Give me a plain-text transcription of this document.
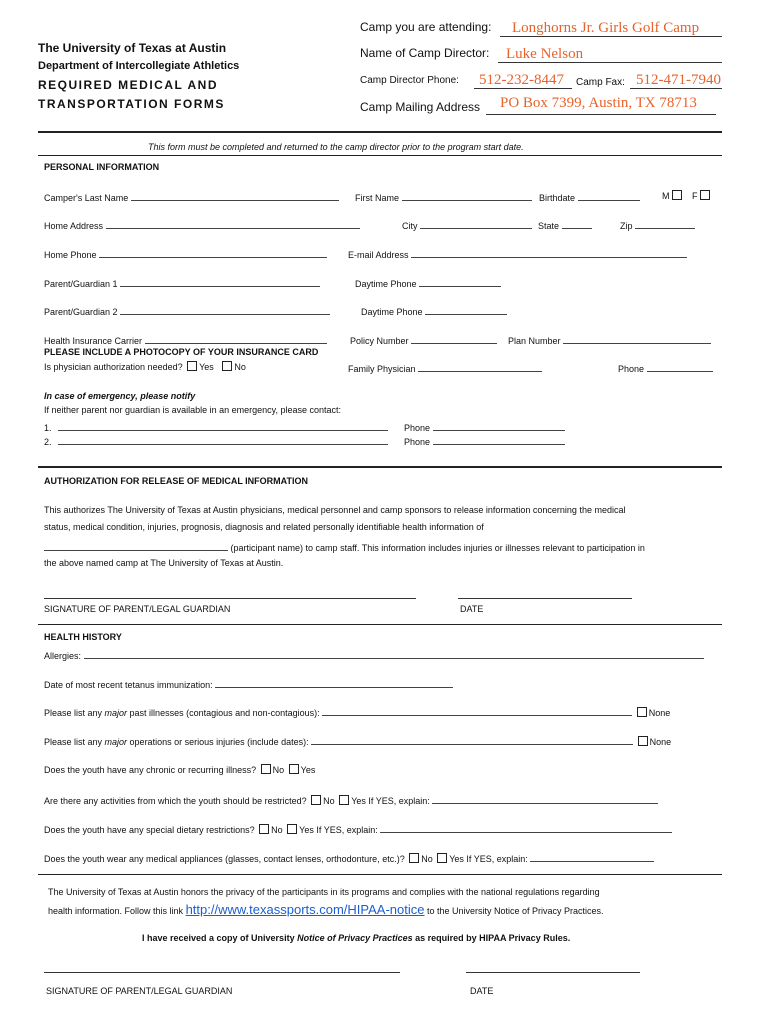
Camp you are attending: Longhorns Jr. Girls Golf Camp
Name of Camp Director: Luke Nelson
Camp Director Phone: 512-232-8447 Camp Fax: 512-471-7940
Camp Mailing Address PO Box 7399, Austin, TX 78713
The University of Texas at Austin
Department of Intercollegiate Athletics
REQUIRED MEDICAL AND
TRANSPORTATION FORMS
This form must be completed and returned to the camp director prior to the program start date.
PERSONAL INFORMATION
Camper's Last Name	First Name	Birthdate	M	F
Home Address	City	State	Zip
Home Phone	E-mail Address
Parent/Guardian 1	Daytime Phone
Parent/Guardian 2	Daytime Phone
Health Insurance Carrier	Policy Number	Plan Number
PLEASE INCLUDE A PHOTOCOPY OF YOUR INSURANCE CARD
Is physician authorization needed? Yes No	Family Physician	Phone
In case of emergency, please notify
If neither parent nor guardian is available in an emergency, please contact:
1.	Phone
2.	Phone
AUTHORIZATION FOR RELEASE OF MEDICAL INFORMATION
This authorizes The University of Texas at Austin physicians, medical personnel and camp sponsors to release information concerning the medical
status, medical condition, injuries, prognosis, diagnosis and related personally identifiable health information of
(participant name) to camp staff. This information includes injuries or illnesses relevant to participation in
the above named camp at The University of Texas at Austin.
SIGNATURE OF PARENT/LEGAL GUARDIAN	DATE
HEALTH HISTORY
Allergies:
Date of most recent tetanus immunization:
Please list any major past illnesses (contagious and non-contagious):	None
Please list any major operations or serious injuries (include dates):	None
Does the youth have any chronic or recurring illness? No Yes
Are there any activities from which the youth should be restricted? No Yes If YES, explain:
Does the youth have any special dietary restrictions? No Yes If YES, explain:
Does the youth wear any medical appliances (glasses, contact lenses, orthodonture, etc.)? No Yes If YES, explain:
The University of Texas at Austin honors the privacy of the participants in its programs and complies with the national regulations regarding
health information. Follow this link http://www.texassports.com/HIPAA-notice to the University Notice of Privacy Practices.
I have received a copy of University Notice of Privacy Practices as required by HIPAA Privacy Rules.
SIGNATURE OF PARENT/LEGAL GUARDIAN	DATE
